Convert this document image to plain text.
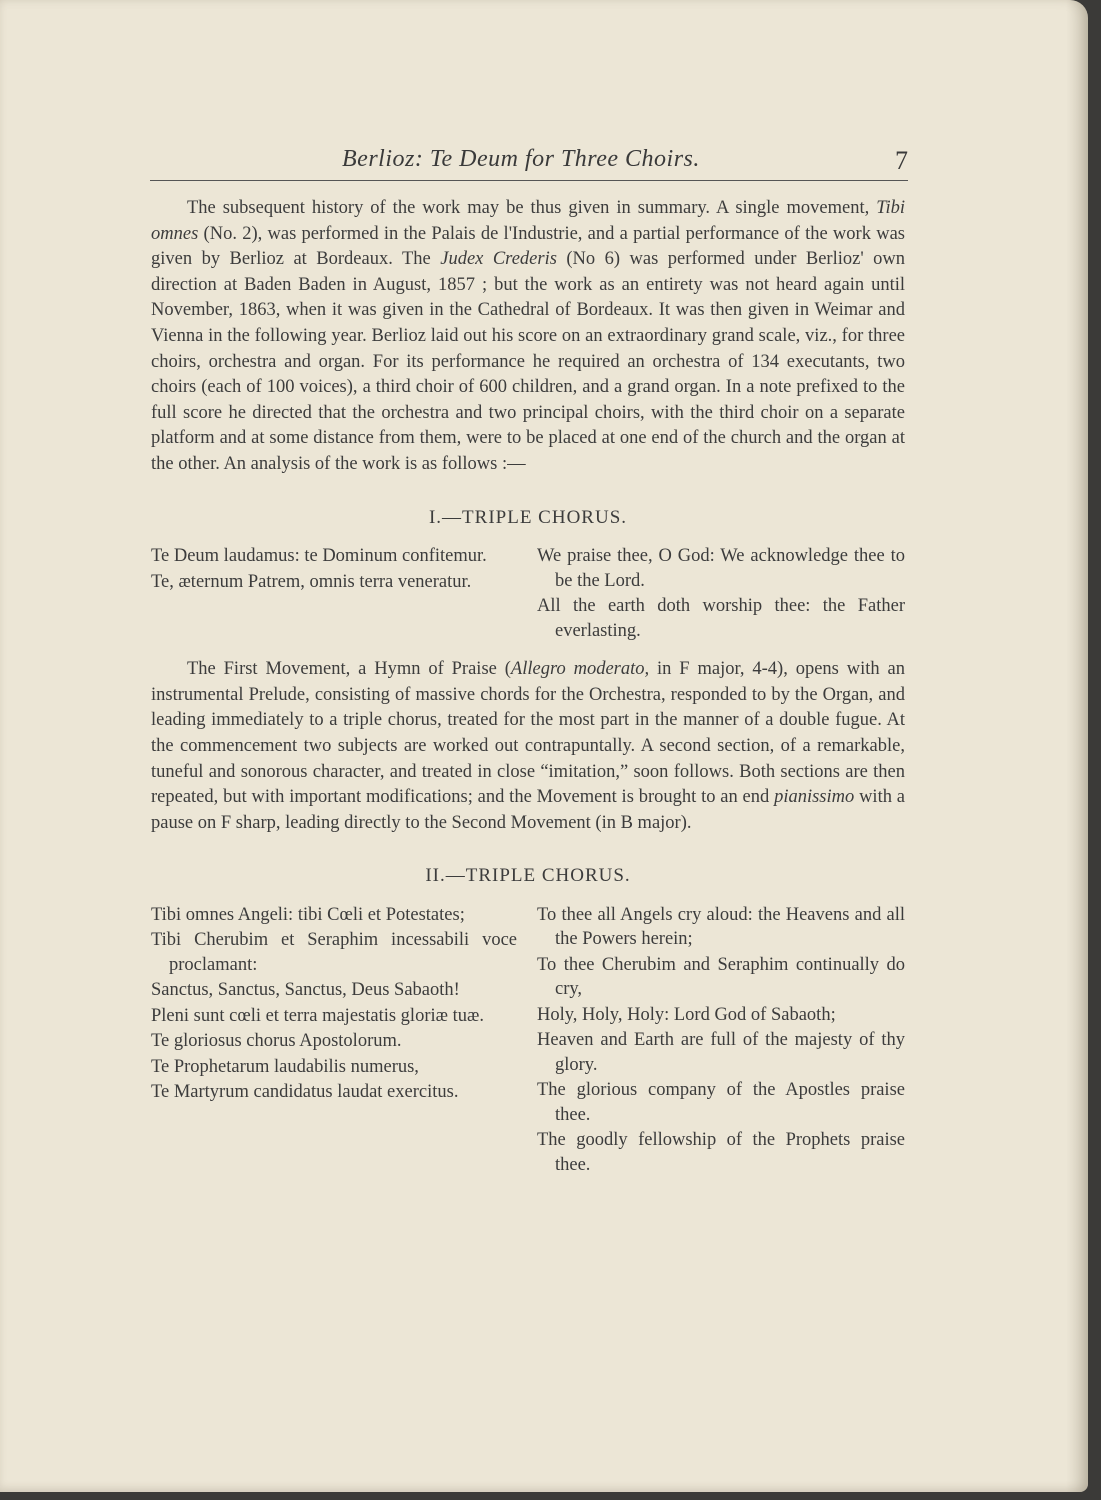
Berlioz: Te Deum for Three Choirs.	7

The subsequent history of the work may be thus given in summary. A single movement, Tibi omnes (No. 2), was performed in the Palais de l'Industrie, and a partial performance of the work was given by Berlioz at Bordeaux. The Judex Crederis (No 6) was performed under Berlioz' own direction at Baden Baden in August, 1857 ; but the work as an entirety was not heard again until November, 1863, when it was given in the Cathedral of Bordeaux. It was then given in Weimar and Vienna in the following year. Berlioz laid out his score on an extraordinary grand scale, viz., for three choirs, orchestra and organ. For its performance he required an orchestra of 134 executants, two choirs (each of 100 voices), a third choir of 600 children, and a grand organ. In a note prefixed to the full score he directed that the orchestra and two principal choirs, with the third choir on a separate platform and at some distance from them, were to be placed at one end of the church and the organ at the other. An analysis of the work is as follows :—

I.—TRIPLE CHORUS.

Te Deum laudamus: te Dominum confitemur.

Te, æternum Patrem, omnis terra veneratur.

We praise thee, O God: We acknowledge thee to be the Lord.

All the earth doth worship thee: the Father everlasting.

The First Movement, a Hymn of Praise (Allegro moderato, in F major, 4-4), opens with an instrumental Prelude, consisting of massive chords for the Orchestra, responded to by the Organ, and leading immediately to a triple chorus, treated for the most part in the manner of a double fugue. At the commencement two subjects are worked out contrapuntally. A second section, of a remarkable, tuneful and sonorous character, and treated in close “imitation,” soon follows. Both sections are then repeated, but with important modifications; and the Movement is brought to an end pianissimo with a pause on F sharp, leading directly to the Second Movement (in B major).

II.—TRIPLE CHORUS.

Tibi omnes Angeli: tibi Cœli et Potestates;

Tibi Cherubim et Seraphim incessabili voce proclamant:

Sanctus, Sanctus, Sanctus, Deus Sabaoth!

Pleni sunt cœli et terra majestatis gloriæ tuæ.

Te gloriosus chorus Apostolorum.

Te Prophetarum laudabilis numerus,

Te Martyrum candidatus laudat exercitus.

To thee all Angels cry aloud: the Heavens and all the Powers herein;

To thee Cherubim and Seraphim continually do cry,

Holy, Holy, Holy: Lord God of Sabaoth;

Heaven and Earth are full of the majesty of thy glory.

The glorious company of the Apostles praise thee.

The goodly fellowship of the Prophets praise thee.
